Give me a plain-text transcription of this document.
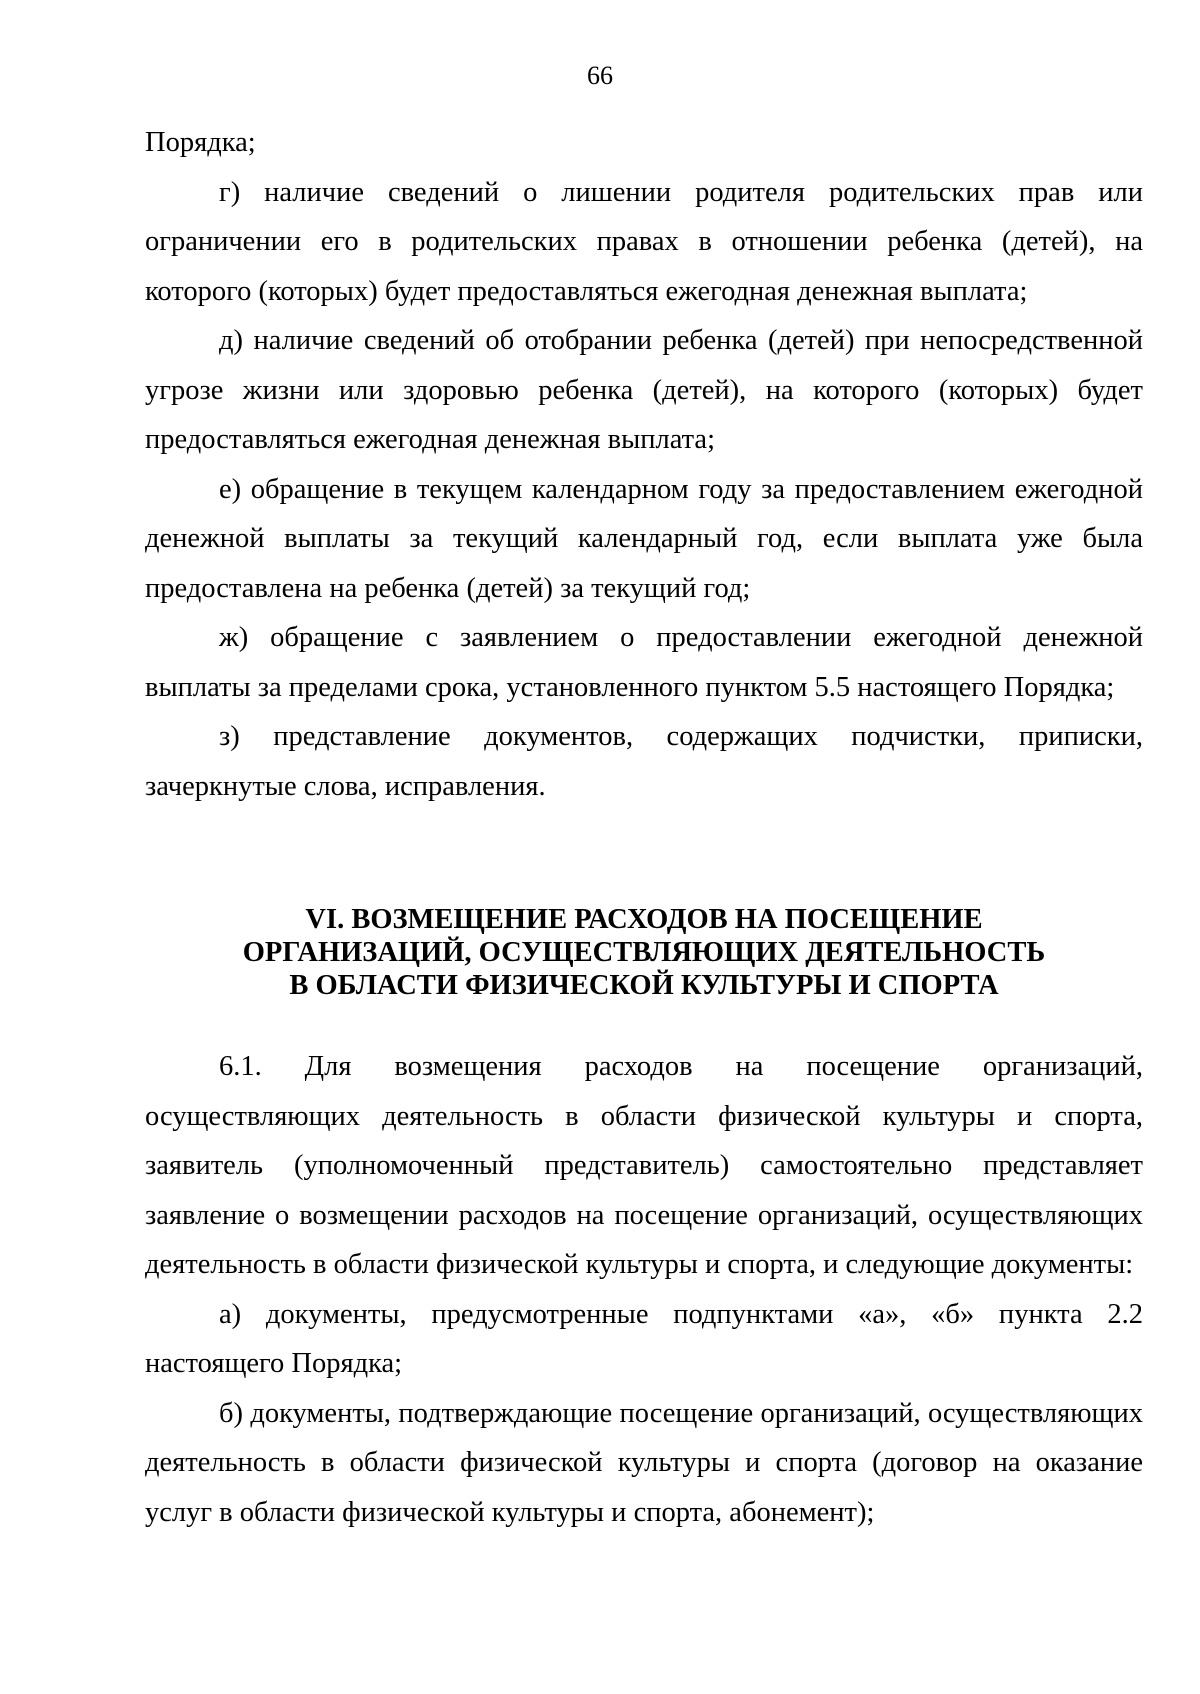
66

Порядка;

г) наличие сведений о лишении родителя родительских прав или ограничении его в родительских правах в отношении ребенка (детей), на которого (которых) будет предоставляться ежегодная денежная выплата;

д) наличие сведений об отобрании ребенка (детей) при непосредственной угрозе жизни или здоровью ребенка (детей), на которого (которых) будет предоставляться ежегодная денежная выплата;

е) обращение в текущем календарном году за предоставлением ежегодной денежной выплаты за текущий календарный год, если выплата уже была предоставлена на ребенка (детей) за текущий год;

ж) обращение с заявлением о предоставлении ежегодной денежной выплаты за пределами срока, установленного пунктом 5.5 настоящего Порядка;

з) представление документов, содержащих подчистки, приписки, зачеркнутые слова, исправления.

VI. ВОЗМЕЩЕНИЕ РАСХОДОВ НА ПОСЕЩЕНИЕ
ОРГАНИЗАЦИЙ, ОСУЩЕСТВЛЯЮЩИХ ДЕЯТЕЛЬНОСТЬ
В ОБЛАСТИ ФИЗИЧЕСКОЙ КУЛЬТУРЫ И СПОРТА

6.1. Для возмещения расходов на посещение организаций, осуществляющих деятельность в области физической культуры и спорта, заявитель (уполномоченный представитель) самостоятельно представляет заявление о возмещении расходов на посещение организаций, осуществляющих деятельность в области физической культуры и спорта, и следующие документы:

а) документы, предусмотренные подпунктами «а», «б» пункта 2.2 настоящего Порядка;

б) документы, подтверждающие посещение организаций, осуществляющих деятельность в области физической культуры и спорта (договор на оказание услуг в области физической культуры и спорта, абонемент);
